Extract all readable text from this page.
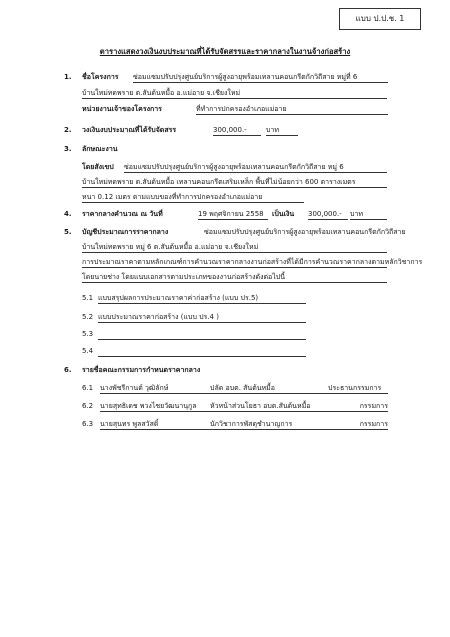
แบบ ป.ป.ช. 1
ตารางแสดงวงเงินงบประมาณที่ได้รับจัดสรรและราคากลางในงานจ้างก่อสร้าง
1. ชื่อโครงการ ซ่อมแซมปรับปรุงศูนย์บริการผู้สูงอายุพร้อมเทลานคอนกรีตกักวิถีสาย หมู่ที่ 6
บ้านใหม่ทดพราย ต.สันต้นหมื้อ อ.แม่อาย จ.เชียงใหม่
หน่วยงานเจ้าของโครงการ	ที่ทำการปกครองอำเภอแม่อาย
2. วงเงินงบประมาณที่ได้รับจัดสรร	300,000.-	บาท
3. ลักษณะงาน
โดยสังเขป ซ่อมแซมปรับปรุงศูนย์บริการผู้สูงอายุพร้อมเทลานคอนกรีตกักวิถีสาย หมู่ 6
บ้านใหม่ทดพราย ต.สันต้นหมื้อ เทลานคอนกรีตเสริมเหล็ก พื้นที่ไม่น้อยกว่า 600 ตารางเมตร
หนา 0.12 เมตร ตามแบบของที่ทำการปกครองอำเภอแม่อาย
4. ราคากลางคำนวณ ณ วันที่	19 พฤศจิกายน 2558	เป็นเงิน 300,000.-	บาท
5. บัญชีประมาณการราคากลาง	ซ่อมแซมปรับปรุงศูนย์บริการผู้สูงอายุพร้อมเทลานคอนกรีตกักวิถีสาย
บ้านใหม่ทดพราย หมู่ 6 ต.สันต้นหมื้อ อ.แม่อาย จ.เชียงใหม่
การประมาณราคาตามหลักเกณฑ์การคำนวณราคากลางงานก่อสร้างที่ได้มีการคำนวณราคากลางตามหลักวิชาการ
โดยนายช่าง โดยแนบเอกสารตามประเภทของงานก่อสร้างดังต่อไปนี้
5.1 แบบสรุปผลการประมาณราคาค่าก่อสร้าง (แบบ ปร.5)
5.2 แบบประมาณราคาก่อสร้าง (แบบ ปร.4 )
5.3
5.4
6. รายชื่อคณะกรรมการกำหนดราคากลาง
6.1 นางพัชรีกานต์ วุฒิลักษ์	ปลัด อบต. สันต้นหมื้อ	ประธานกรรมการ
6.2 นายสุทธิเดช พวงไชยวัฒนานุกูล	หัวหน้าส่วนโยธา อบต.สันต้นหมื้อ	กรรมการ
6.3 นายสุนทร พูลสวัสดิ์	นักวิชาการพัสดุชำนาญการ	กรรมการ
